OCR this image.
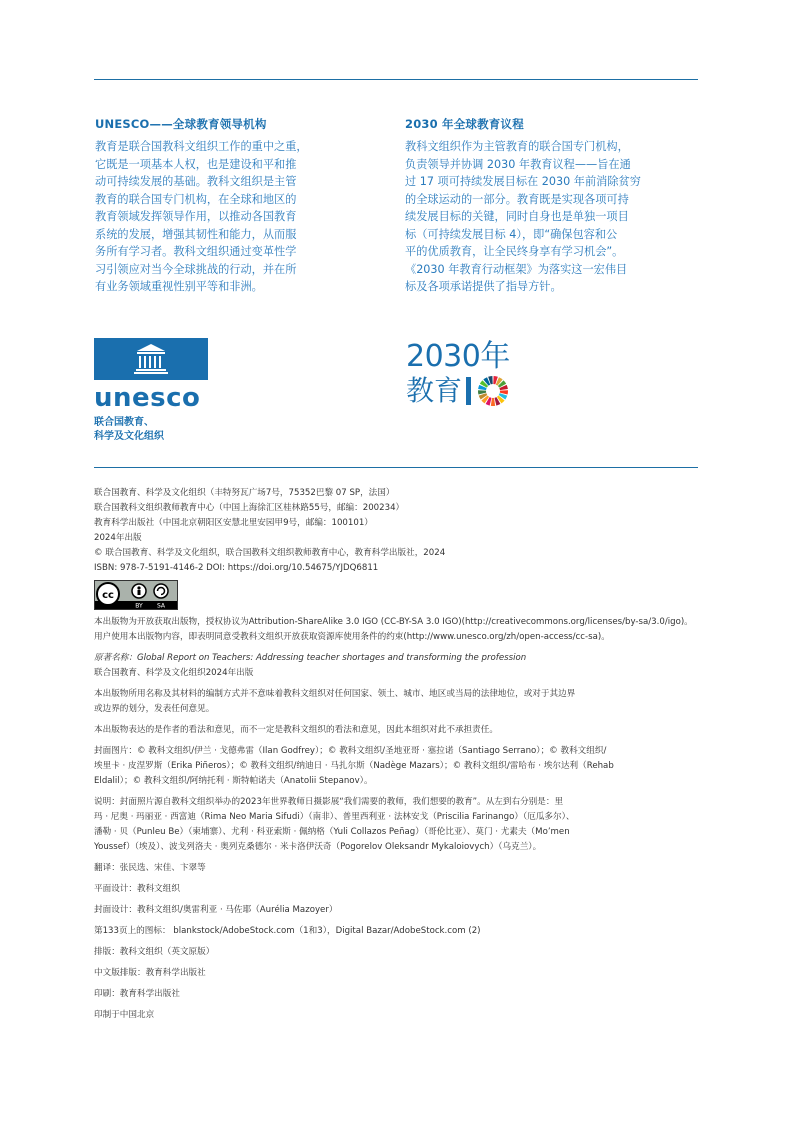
UNESCO——全球教育领导机构

教育是联合国教科文组织工作的重中之重，
它既是一项基本人权，也是建设和平和推
动可持续发展的基础。教科文组织是主管
教育的联合国专门机构，在全球和地区的
教育领域发挥领导作用，以推动各国教育
系统的发展，增强其韧性和能力，从而服
务所有学习者。教科文组织通过变革性学
习引领应对当今全球挑战的行动，并在所
有业务领域重视性别平等和非洲。

2030 年全球教育议程

教科文组织作为主管教育的联合国专门机构，
负责领导并协调 2030 年教育议程——旨在通
过 17 项可持续发展目标在 2030 年前消除贫穷
的全球运动的一部分。教育既是实现各项可持
续发展目标的关键，同时自身也是单独一项目
标（可持续发展目标 4），即“确保包容和公
平的优质教育，让全民终身享有学习机会”。
《2030 年教育行动框架》为落实这一宏伟目
标及各项承诺提供了指导方针。

unesco
联合国教育、
科学及文化组织
2030年
教育
联合国教育、科学及文化组织（丰特努瓦广场7号，75352巴黎 07 SP，法国）
联合国教科文组织教师教育中心（中国上海徐汇区桂林路55号，邮编：200234）
教育科学出版社（中国北京朝阳区安慧北里安园甲9号，邮编：100101）
2024年出版
© 联合国教育、科学及文化组织，联合国教科文组织教师教育中心，教育科学出版社，2024
ISBN: 978-7-5191-4146-2 DOI: https://doi.org/10.54675/YJDQ6811
cc
BY SA
本出版物为开放获取出版物，授权协议为Attribution-ShareAlike 3.0 IGO (CC-BY-SA 3.0 IGO)(http://creativecommons.org/licenses/by-sa/3.0/igo)。
用户使用本出版物内容，即表明同意受教科文组织开放获取资源库使用条件的约束(http://www.unesco.org/zh/open-access/cc-sa)。
原著名称：Global Report on Teachers: Addressing teacher shortages and transforming the profession
联合国教育、科学及文化组织2024年出版
本出版物所用名称及其材料的编制方式并不意味着教科文组织对任何国家、领土、城市、地区或当局的法律地位，或对于其边界
或边界的划分，发表任何意见。
本出版物表达的是作者的看法和意见，而不一定是教科文组织的看法和意见，因此本组织对此不承担责任。
封面图片：© 教科文组织/伊兰 · 戈德弗雷（Ilan Godfrey）；© 教科文组织/圣地亚哥 · 塞拉诺（Santiago Serrano）；© 教科文组织/
埃里卡 · 皮涅罗斯（Erika Piñeros）；© 教科文组织/纳迪日 · 马扎尔斯（Nadège Mazars）；© 教科文组织/雷哈布 · 埃尔达利（Rehab
Eldalil）；© 教科文组织/阿纳托利 · 斯特帕诺夫（Anatolii Stepanov）。
说明：封面照片源自教科文组织举办的2023年世界教师日摄影展“我们需要的教师，我们想要的教育”。从左到右分别是：里
玛 · 尼奥 · 玛丽亚 · 西富迪（Rima Neo Maria Sifudi）（南非）、普里西利亚 · 法林安戈（Priscilia Farinango）（厄瓜多尔）、
潘勒 · 贝（Punleu Be）（柬埔寨）、尤利 · 科亚索斯 · 佩纳格（Yuli Collazos Peñag）（哥伦比亚）、莫门 · 尤素夫（Mo’men
Youssef）（埃及）、波戈列洛夫 · 奥列克桑德尔 · 米卡洛伊沃奇（Pogorelov Oleksandr Mykaloiovych）（乌克兰）。
翻译：张民选、宋佳、卞翠等
平面设计：教科文组织
封面设计：教科文组织/奥雷利亚 · 马佐耶（Aurélia Mazoyer）
第133页上的图标： blankstock/AdobeStock.com（1和3），Digital Bazar/AdobeStock.com (2)
排版：教科文组织（英文原版）
中文版排版：教育科学出版社
印刷：教育科学出版社
印制于中国北京
